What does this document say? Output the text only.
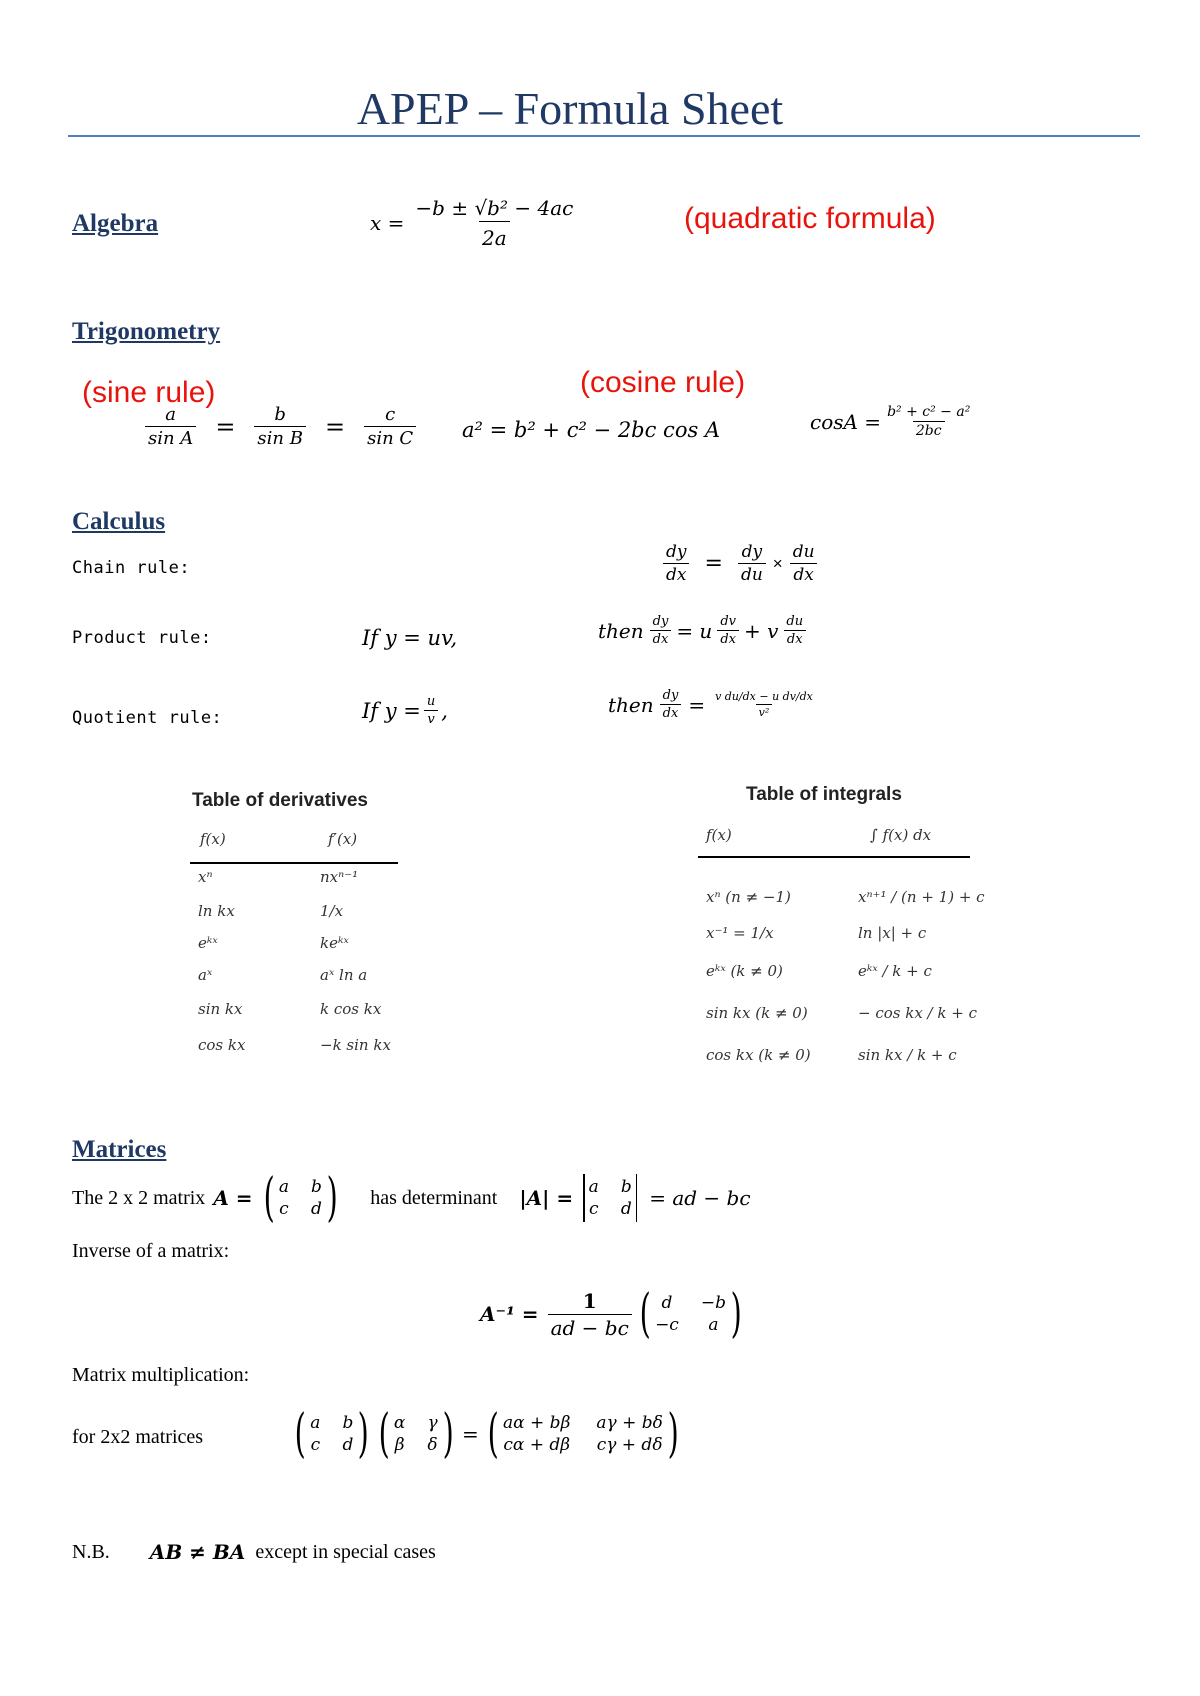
APEP – Formula Sheet
Algebra	$x = \frac{\text{−b ± √b² − 4ac}}{2a}$	(quadratic formula)
Trigonometry
(sine rule)	(cosine rule)
$\frac{a}{\text{sin A}} = \frac{b}{\text{sin B}} = \frac{c}{\text{sin C}} a^2 = b^2 + c^2 - 2bc$ cos A	$\cos A = \frac{\text{b² + c² − a²}}{2bc}$
Calculus
Chain rule:	$\frac{dy}{dx} = \frac{dy}{du} \times \frac{du}{dx}$
Product rule:	If y = uv,	then $\frac{dy}{dx} = u \frac{dv}{dx} + v \frac{du}{dx}$
Quotient rule:	If $y = \frac{u}{v}$ ,	then $\frac{dy}{dx} = \frac{\text{v du/dx − u dv/dx}}{\text{v²}}$
Table of derivatives
f(x)	f′(x)
xⁿ	nxⁿ⁻¹
ln kx	1/x
eᵏˣ	keᵏˣ
aˣ	aˣ ln a
sin kx	k cos kx
cos kx	−k sin kx
Table of integrals
f(x)	∫ f(x) dx
xⁿ (n ≠ −1)	xⁿ⁺¹ / (n + 1) + c
x⁻¹ = 1/x	ln |x| + c
eᵏˣ (k ≠ 0)	eᵏˣ / k + c
sin kx (k ≠ 0)	− cos kx / k + c
cos kx (k ≠ 0)	sin kx / k + c
Matrices
The 2 x 2 matrix A = ( a b
c d ) has determinant |A| = a b
c d = ad − bc
Inverse of a matrix:
$A^{-1} = \frac{1}{ad - bc}$ ( d	−b
−c	a )
Matrix multiplication:
for 2x2 matrices ( a b
c d ) ( α γ
β δ ) = ( aα + bβ aγ + bδ
cα + dβ cγ + dδ )
N.B. AB ≠ BA except in special cases
